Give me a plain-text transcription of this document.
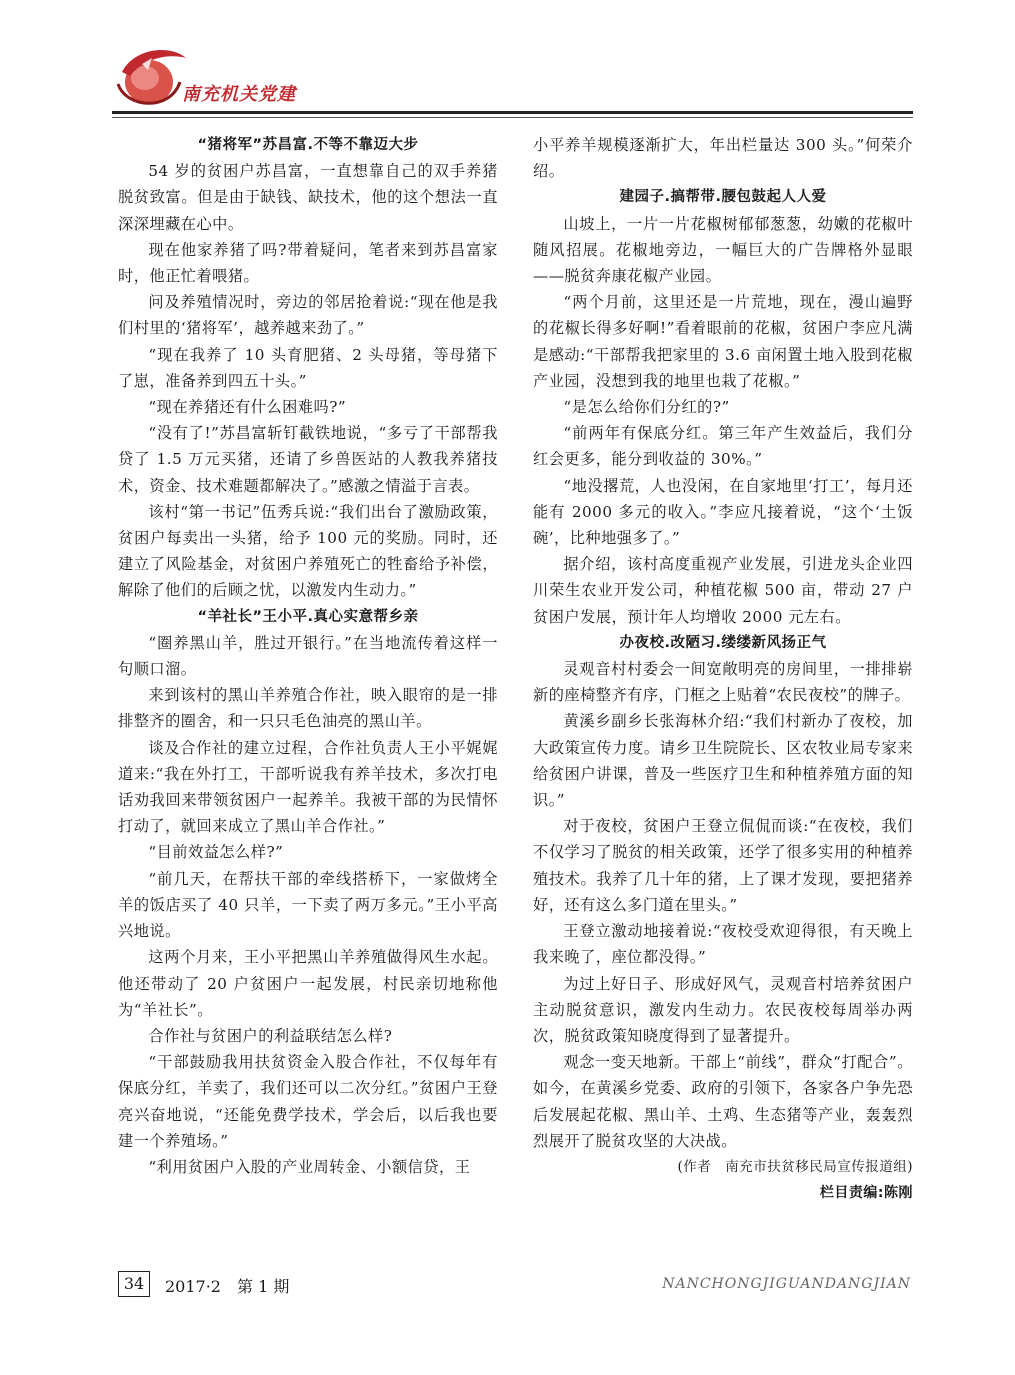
南充机关党建
“猪将军”苏昌富.不等不靠迈大步

54 岁的贫困户苏昌富，一直想靠自己的双手养猪脱贫致富。但是由于缺钱、缺技术，他的这个想法一直深深埋藏在心中。

现在他家养猪了吗?带着疑问，笔者来到苏昌富家时，他正忙着喂猪。

问及养殖情况时，旁边的邻居抢着说:“现在他是我们村里的‘猪将军’，越养越来劲了。”

“现在我养了 10 头育肥猪、2 头母猪，等母猪下了崽，准备养到四五十头。”

“现在养猪还有什么困难吗?”

“没有了!”苏昌富斩钉截铁地说，“多亏了干部帮我贷了 1.5 万元买猪，还请了乡兽医站的人教我养猪技术，资金、技术难题都解决了。”感激之情溢于言表。

该村“第一书记”伍秀兵说:“我们出台了激励政策，贫困户每卖出一头猪，给予 100 元的奖励。同时，还建立了风险基金，对贫困户养殖死亡的牲畜给予补偿，解除了他们的后顾之忧，以激发内生动力。”

“羊社长”王小平.真心实意帮乡亲

“圈养黑山羊，胜过开银行。”在当地流传着这样一句顺口溜。

来到该村的黑山羊养殖合作社，映入眼帘的是一排排整齐的圈舍，和一只只毛色油亮的黑山羊。

谈及合作社的建立过程，合作社负责人王小平娓娓道来:“我在外打工，干部听说我有养羊技术，多次打电话劝我回来带领贫困户一起养羊。我被干部的为民情怀打动了，就回来成立了黑山羊合作社。”

“目前效益怎么样?”

“前几天，在帮扶干部的牵线搭桥下，一家做烤全羊的饭店买了 40 只羊，一下卖了两万多元。”王小平高兴地说。

这两个月来，王小平把黑山羊养殖做得风生水起。他还带动了 20 户贫困户一起发展，村民亲切地称他为“羊社长”。

合作社与贫困户的利益联结怎么样?

“干部鼓励我用扶贫资金入股合作社，不仅每年有保底分红，羊卖了，我们还可以二次分红。”贫困户王登亮兴奋地说，“还能免费学技术，学会后，以后我也要建一个养殖场。”

“利用贫困户入股的产业周转金、小额信贷，王

小平养羊规模逐渐扩大，年出栏量达 300 头。”何荣介绍。

建园子.搞帮带.腰包鼓起人人爱

山坡上，一片一片花椒树郁郁葱葱，幼嫩的花椒叶随风招展。花椒地旁边，一幅巨大的广告牌格外显眼——脱贫奔康花椒产业园。

“两个月前，这里还是一片荒地，现在，漫山遍野的花椒长得多好啊!”看着眼前的花椒，贫困户李应凡满是感动:“干部帮我把家里的 3.6 亩闲置土地入股到花椒产业园，没想到我的地里也栽了花椒。”

“是怎么给你们分红的?”

“前两年有保底分红。第三年产生效益后，我们分红会更多，能分到收益的 30%。”

“地没撂荒，人也没闲，在自家地里‘打工’，每月还能有 2000 多元的收入。”李应凡接着说，“这个‘土饭碗’，比种地强多了。”

据介绍，该村高度重视产业发展，引进龙头企业四川荣生农业开发公司，种植花椒 500 亩，带动 27 户贫困户发展，预计年人均增收 2000 元左右。

办夜校.改陋习.缕缕新风扬正气

灵观音村村委会一间宽敞明亮的房间里，一排排崭新的座椅整齐有序，门框之上贴着“农民夜校”的牌子。

黄溪乡副乡长张海林介绍:“我们村新办了夜校，加大政策宣传力度。请乡卫生院院长、区农牧业局专家来给贫困户讲课，普及一些医疗卫生和种植养殖方面的知识。”

对于夜校，贫困户王登立侃侃而谈:“在夜校，我们不仅学习了脱贫的相关政策，还学了很多实用的种植养殖技术。我养了几十年的猪，上了课才发现，要把猪养好，还有这么多门道在里头。”

王登立激动地接着说:“夜校受欢迎得很，有天晚上我来晚了，座位都没得。”

为过上好日子、形成好风气，灵观音村培养贫困户主动脱贫意识，激发内生动力。农民夜校每周举办两次，脱贫政策知晓度得到了显著提升。

观念一变天地新。干部上“前线”，群众“打配合”。如今，在黄溪乡党委、政府的引领下，各家各户争先恐后发展起花椒、黑山羊、土鸡、生态猪等产业，轰轰烈烈展开了脱贫攻坚的大决战。

(作者　南充市扶贫移民局宣传报道组)

栏目责编:陈刚

34	2017·2　第 1 期	NANCHONGJIGUANDANGJIAN
